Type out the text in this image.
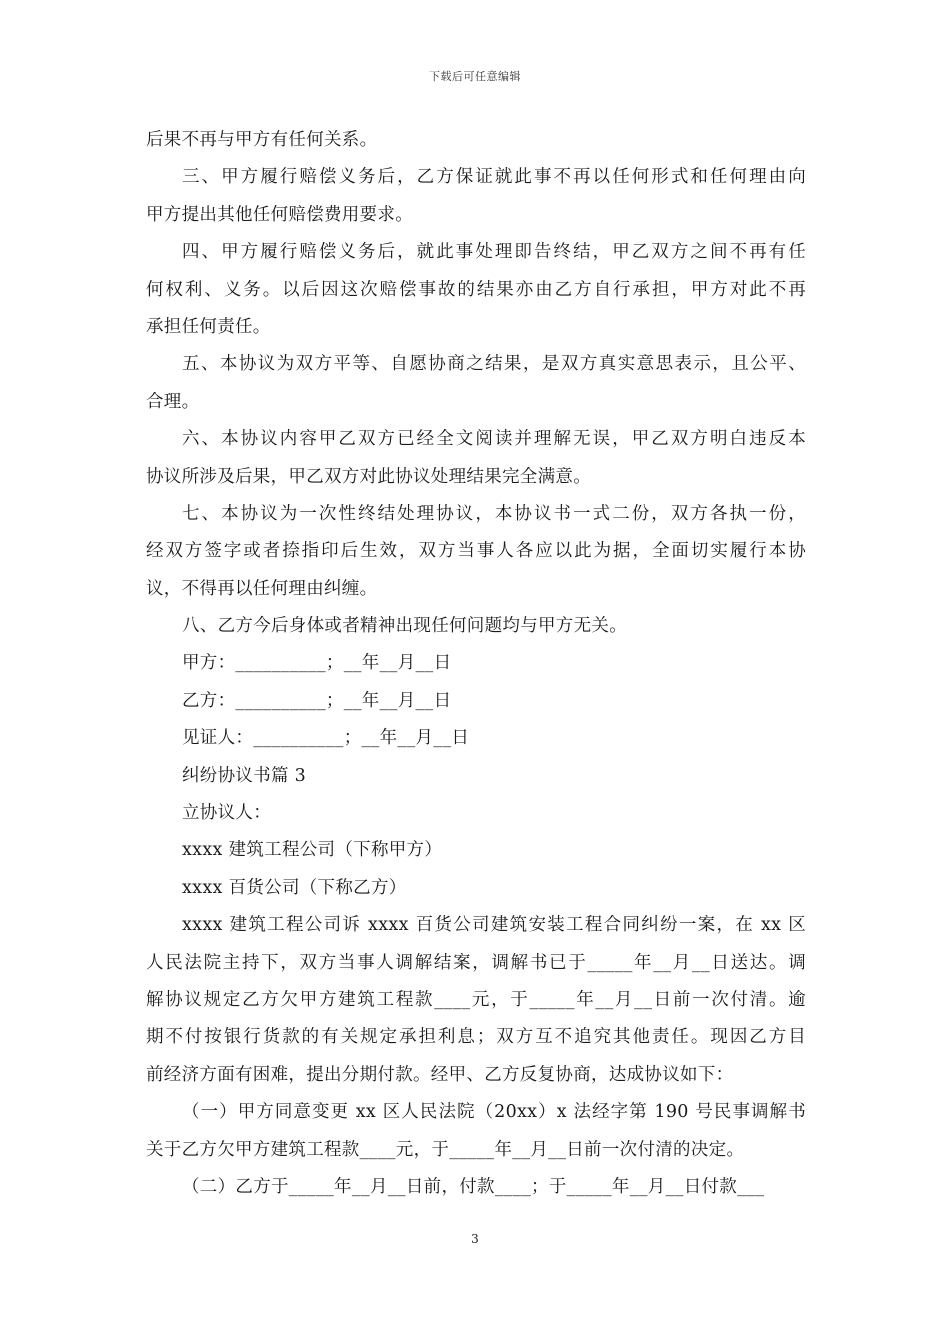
下载后可任意编辑
后果不再与甲方有任何关系。
三、甲方履行赔偿义务后，乙方保证就此事不再以任何形式和任何理由向
甲方提出其他任何赔偿费用要求。
四、甲方履行赔偿义务后，就此事处理即告终结，甲乙双方之间不再有任
何权利、义务。以后因这次赔偿事故的结果亦由乙方自行承担，甲方对此不再
承担任何责任。
五、本协议为双方平等、自愿协商之结果，是双方真实意思表示，且公平、
合理。
六、本协议内容甲乙双方已经全文阅读并理解无误，甲乙双方明白违反本
协议所涉及后果，甲乙双方对此协议处理结果完全满意。
七、本协议为一次性终结处理协议，本协议书一式二份，双方各执一份，
经双方签字或者捺指印后生效，双方当事人各应以此为据，全面切实履行本协
议，不得再以任何理由纠缠。
八、乙方今后身体或者精神出现任何问题均与甲方无关。
甲方：__________；__年__月__日
乙方：__________；__年__月__日
见证人：__________；__年__月__日
纠纷协议书篇 3
立协议人：
xxxx 建筑工程公司（下称甲方）
xxxx 百货公司（下称乙方）
xxxx 建筑工程公司诉 xxxx 百货公司建筑安装工程合同纠纷一案，在 xx 区
人民法院主持下，双方当事人调解结案，调解书已于_____年__月__日送达。调
解协议规定乙方欠甲方建筑工程款____元，于_____年__月__日前一次付清。逾
期不付按银行货款的有关规定承担利息；双方互不追究其他责任。现因乙方目
前经济方面有困难，提出分期付款。经甲、乙方反复协商，达成协议如下：
（一）甲方同意变更 xx 区人民法院（20xx）x 法经字第 190 号民事调解书
关于乙方欠甲方建筑工程款____元，于_____年__月__日前一次付清的决定。
（二）乙方于_____年__月__日前，付款____；于_____年__月__日付款___
3
